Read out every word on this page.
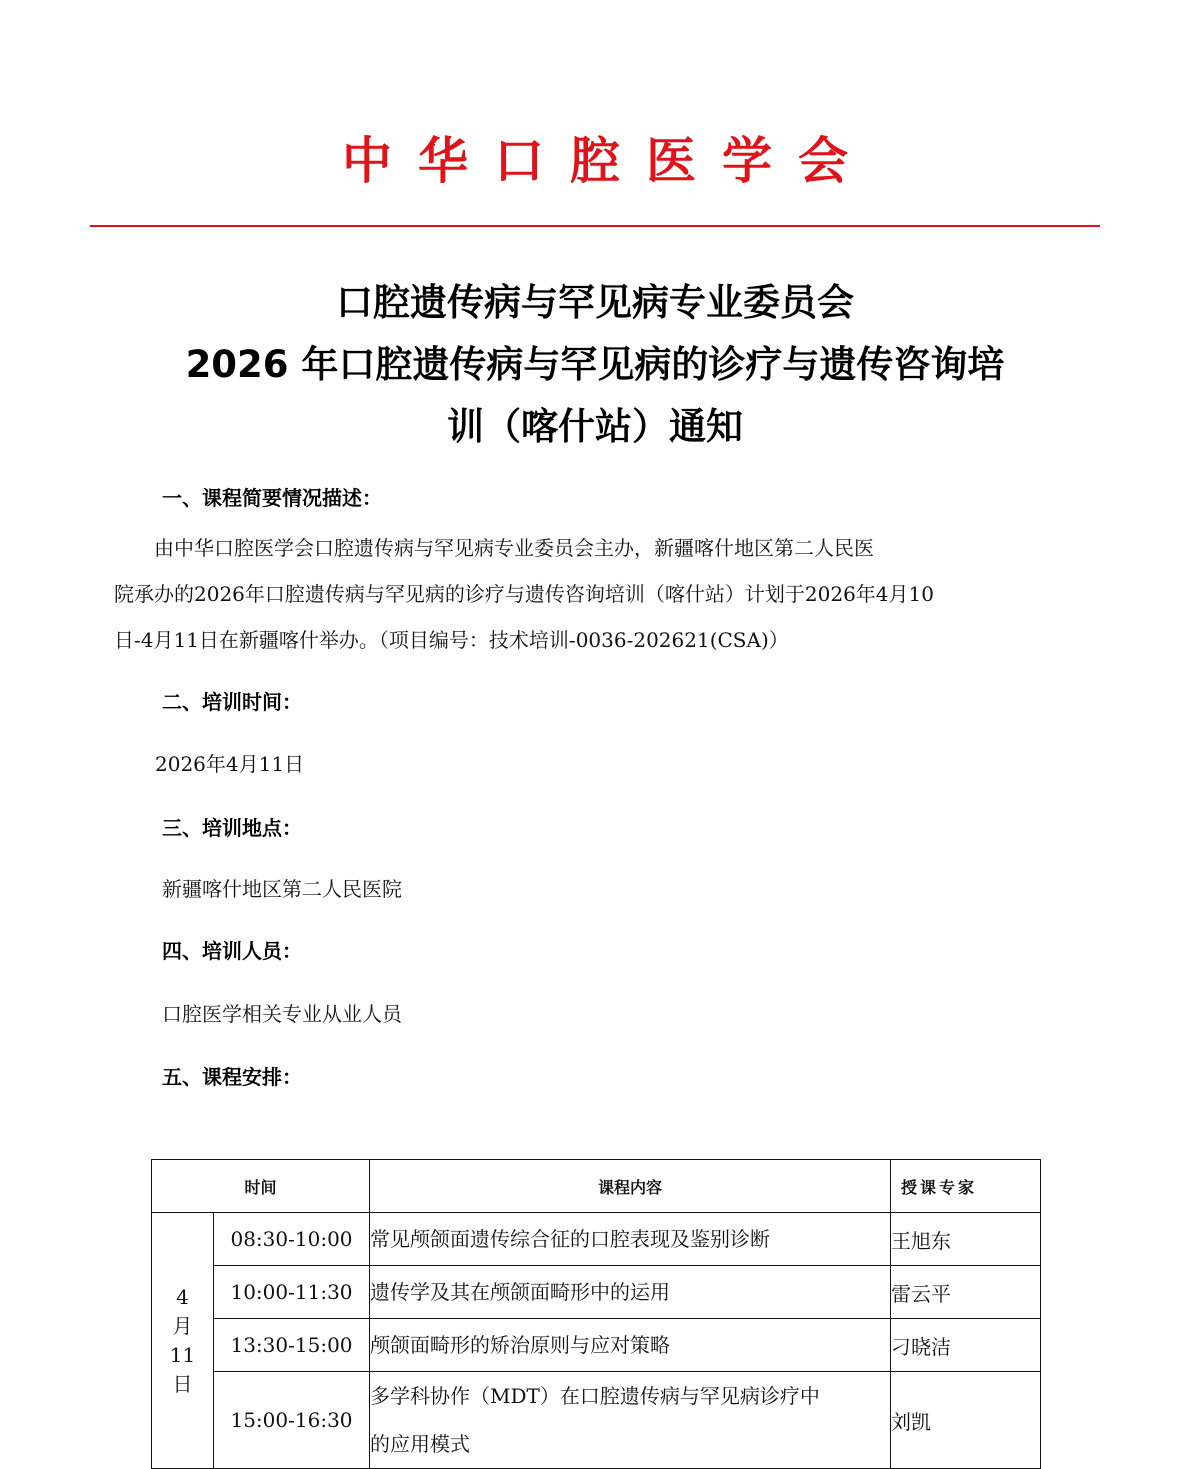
中华口腔医学会
口腔遗传病与罕见病专业委员会
2026 年口腔遗传病与罕见病的诊疗与遗传咨询培
训（喀什站）通知
一、课程简要情况描述：
　　由中华口腔医学会口腔遗传病与罕见病专业委员会主办，新疆喀什地区第二人民医
院承办的2026年口腔遗传病与罕见病的诊疗与遗传咨询培训（喀什站）计划于2026年4月10
日-4月11日在新疆喀什举办。（项目编号：技术培训-0036-202621(CSA)）
二、培训时间：
2026年4月11日
三、培训地点：
新疆喀什地区第二人民医院
四、培训人员：
口腔医学相关专业从业人员
五、课程安排：
时间		课程内容	授课专家

4
月
11
日	08:30-10:00	常见颅颌面遗传综合征的口腔表现及鉴别诊断	王旭东
	10:00-11:30	遗传学及其在颅颌面畸形中的运用	雷云平
	13:30-15:00	颅颌面畸形的矫治原则与应对策略	刁晓洁
	15:00-16:30	多学科协作（MDT）在口腔遗传病与罕见病诊疗中
的应用模式	刘凯
